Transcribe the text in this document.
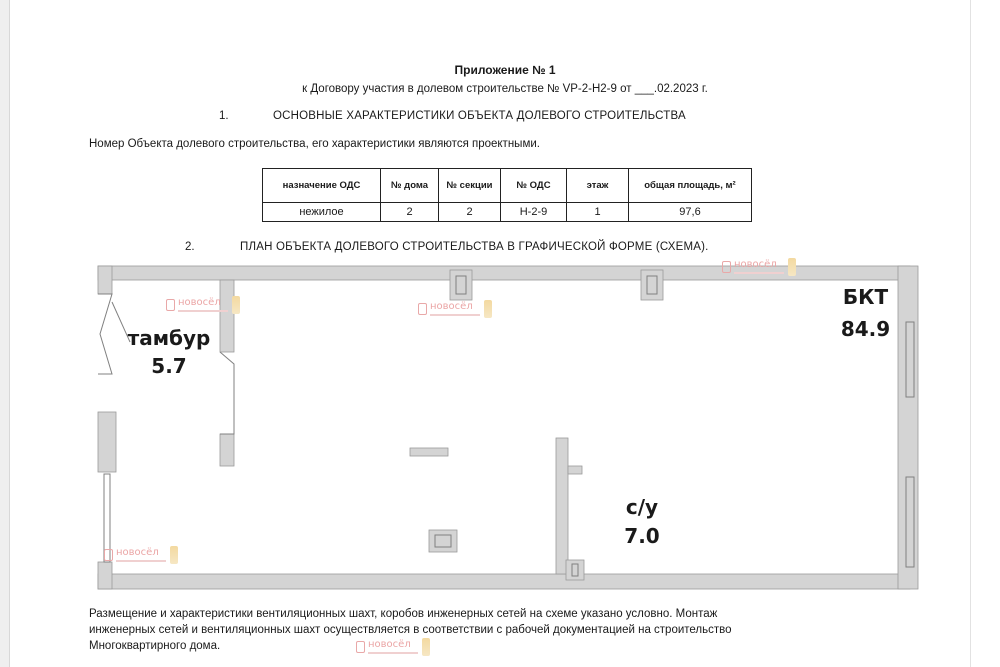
Приложение № 1
к Договору участия в долевом строительстве № VP-2-H2-9 от ___.02.2023 г.
1.	ОСНОВНЫЕ ХАРАКТЕРИСТИКИ ОБЪЕКТА ДОЛЕВОГО СТРОИТЕЛЬСТВА
Номер Объекта долевого строительства, его характеристики являются проектными.
назначение ОДС	№ дома	№ секции	№ ОДС	этаж	общая площадь, м²
нежилое	2	2	Н-2-9	1	97,6
2.	ПЛАН ОБЪЕКТА ДОЛЕВОГО СТРОИТЕЛЬСТВА В ГРАФИЧЕСКОЙ ФОРМЕ (СХЕМА).
тамбур
5.7
БКТ
84.9
с/у
7.0
новосёл	новосёл
новосёл
новосёл
новосёл
Размещение и характеристики вентиляционных шахт, коробов инженерных сетей на схеме указано условно. Монтаж
инженерных сетей и вентиляционных шахт осуществляется в соответствии с рабочей документацией на строительство
Многоквартирного дома.
